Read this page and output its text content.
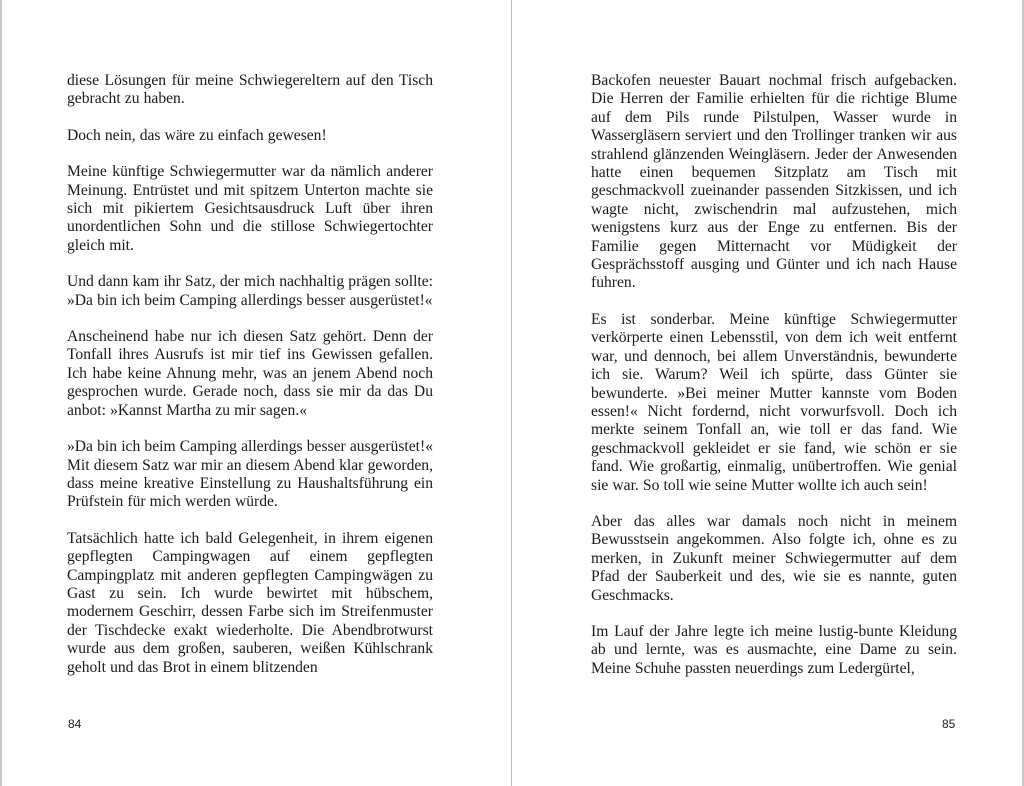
diese Lösungen für meine Schwiegereltern auf den Tisch gebracht zu haben.

Doch nein, das wäre zu einfach gewesen!

Meine künftige Schwiegermutter war da nämlich anderer Meinung. Entrüstet und mit spitzem Unterton machte sie sich mit pikiertem Gesichtsausdruck Luft über ihren unordentlichen Sohn und die stillose Schwiegertochter gleich mit.

Und dann kam ihr Satz, der mich nachhaltig prägen sollte: »Da bin ich beim Camping allerdings besser ausgerüstet!«

Anscheinend habe nur ich diesen Satz gehört. Denn der Tonfall ihres Ausrufs ist mir tief ins Gewissen gefallen. Ich habe keine Ahnung mehr, was an jenem Abend noch gesprochen wurde. Gerade noch, dass sie mir da das Du anbot: »Kannst Martha zu mir sagen.«

»Da bin ich beim Camping allerdings besser ausgerüstet!« Mit diesem Satz war mir an diesem Abend klar geworden, dass meine kreative Einstellung zu Haushaltsführung ein Prüfstein für mich werden würde.

Tatsächlich hatte ich bald Gelegenheit, in ihrem eigenen gepflegten Campingwagen auf einem gepflegten Campingplatz mit anderen gepflegten Campingwägen zu Gast zu sein. Ich wurde bewirtet mit hübschem, modernem Geschirr, dessen Farbe sich im Streifenmuster der Tischdecke exakt wiederholte. Die Abendbrotwurst wurde aus dem großen, sauberen, weißen Kühlschrank geholt und das Brot in einem blitzenden

Backofen neuester Bauart nochmal frisch aufgebacken. Die Herren der Familie erhielten für die richtige Blume auf dem Pils runde Pilstulpen, Wasser wurde in Wassergläsern serviert und den Trollinger tranken wir aus strahlend glänzenden Weingläsern. Jeder der Anwesenden hatte einen bequemen Sitzplatz am Tisch mit geschmackvoll zueinander passenden Sitzkissen, und ich wagte nicht, zwischendrin mal aufzustehen, mich wenigstens kurz aus der Enge zu entfernen. Bis der Familie gegen Mitternacht vor Müdigkeit der Gesprächsstoff ausging und Günter und ich nach Hause fuhren.

Es ist sonderbar. Meine künftige Schwiegermutter verkörperte einen Lebensstil, von dem ich weit entfernt war, und dennoch, bei allem Unverständnis, bewunderte ich sie. Warum? Weil ich spürte, dass Günter sie bewunderte. »Bei meiner Mutter kannste vom Boden essen!« Nicht fordernd, nicht vorwurfsvoll. Doch ich merkte seinem Tonfall an, wie toll er das fand. Wie geschmackvoll gekleidet er sie fand, wie schön er sie fand. Wie großartig, einmalig, unübertroffen. Wie genial sie war. So toll wie seine Mutter wollte ich auch sein!

Aber das alles war damals noch nicht in meinem Bewusstsein angekommen. Also folgte ich, ohne es zu merken, in Zukunft meiner Schwiegermutter auf dem Pfad der Sauberkeit und des, wie sie es nannte, guten Geschmacks.

Im Lauf der Jahre legte ich meine lustig-bunte Kleidung ab und lernte, was es ausmachte, eine Dame zu sein. Meine Schuhe passten neuerdings zum Ledergürtel,

84	85
